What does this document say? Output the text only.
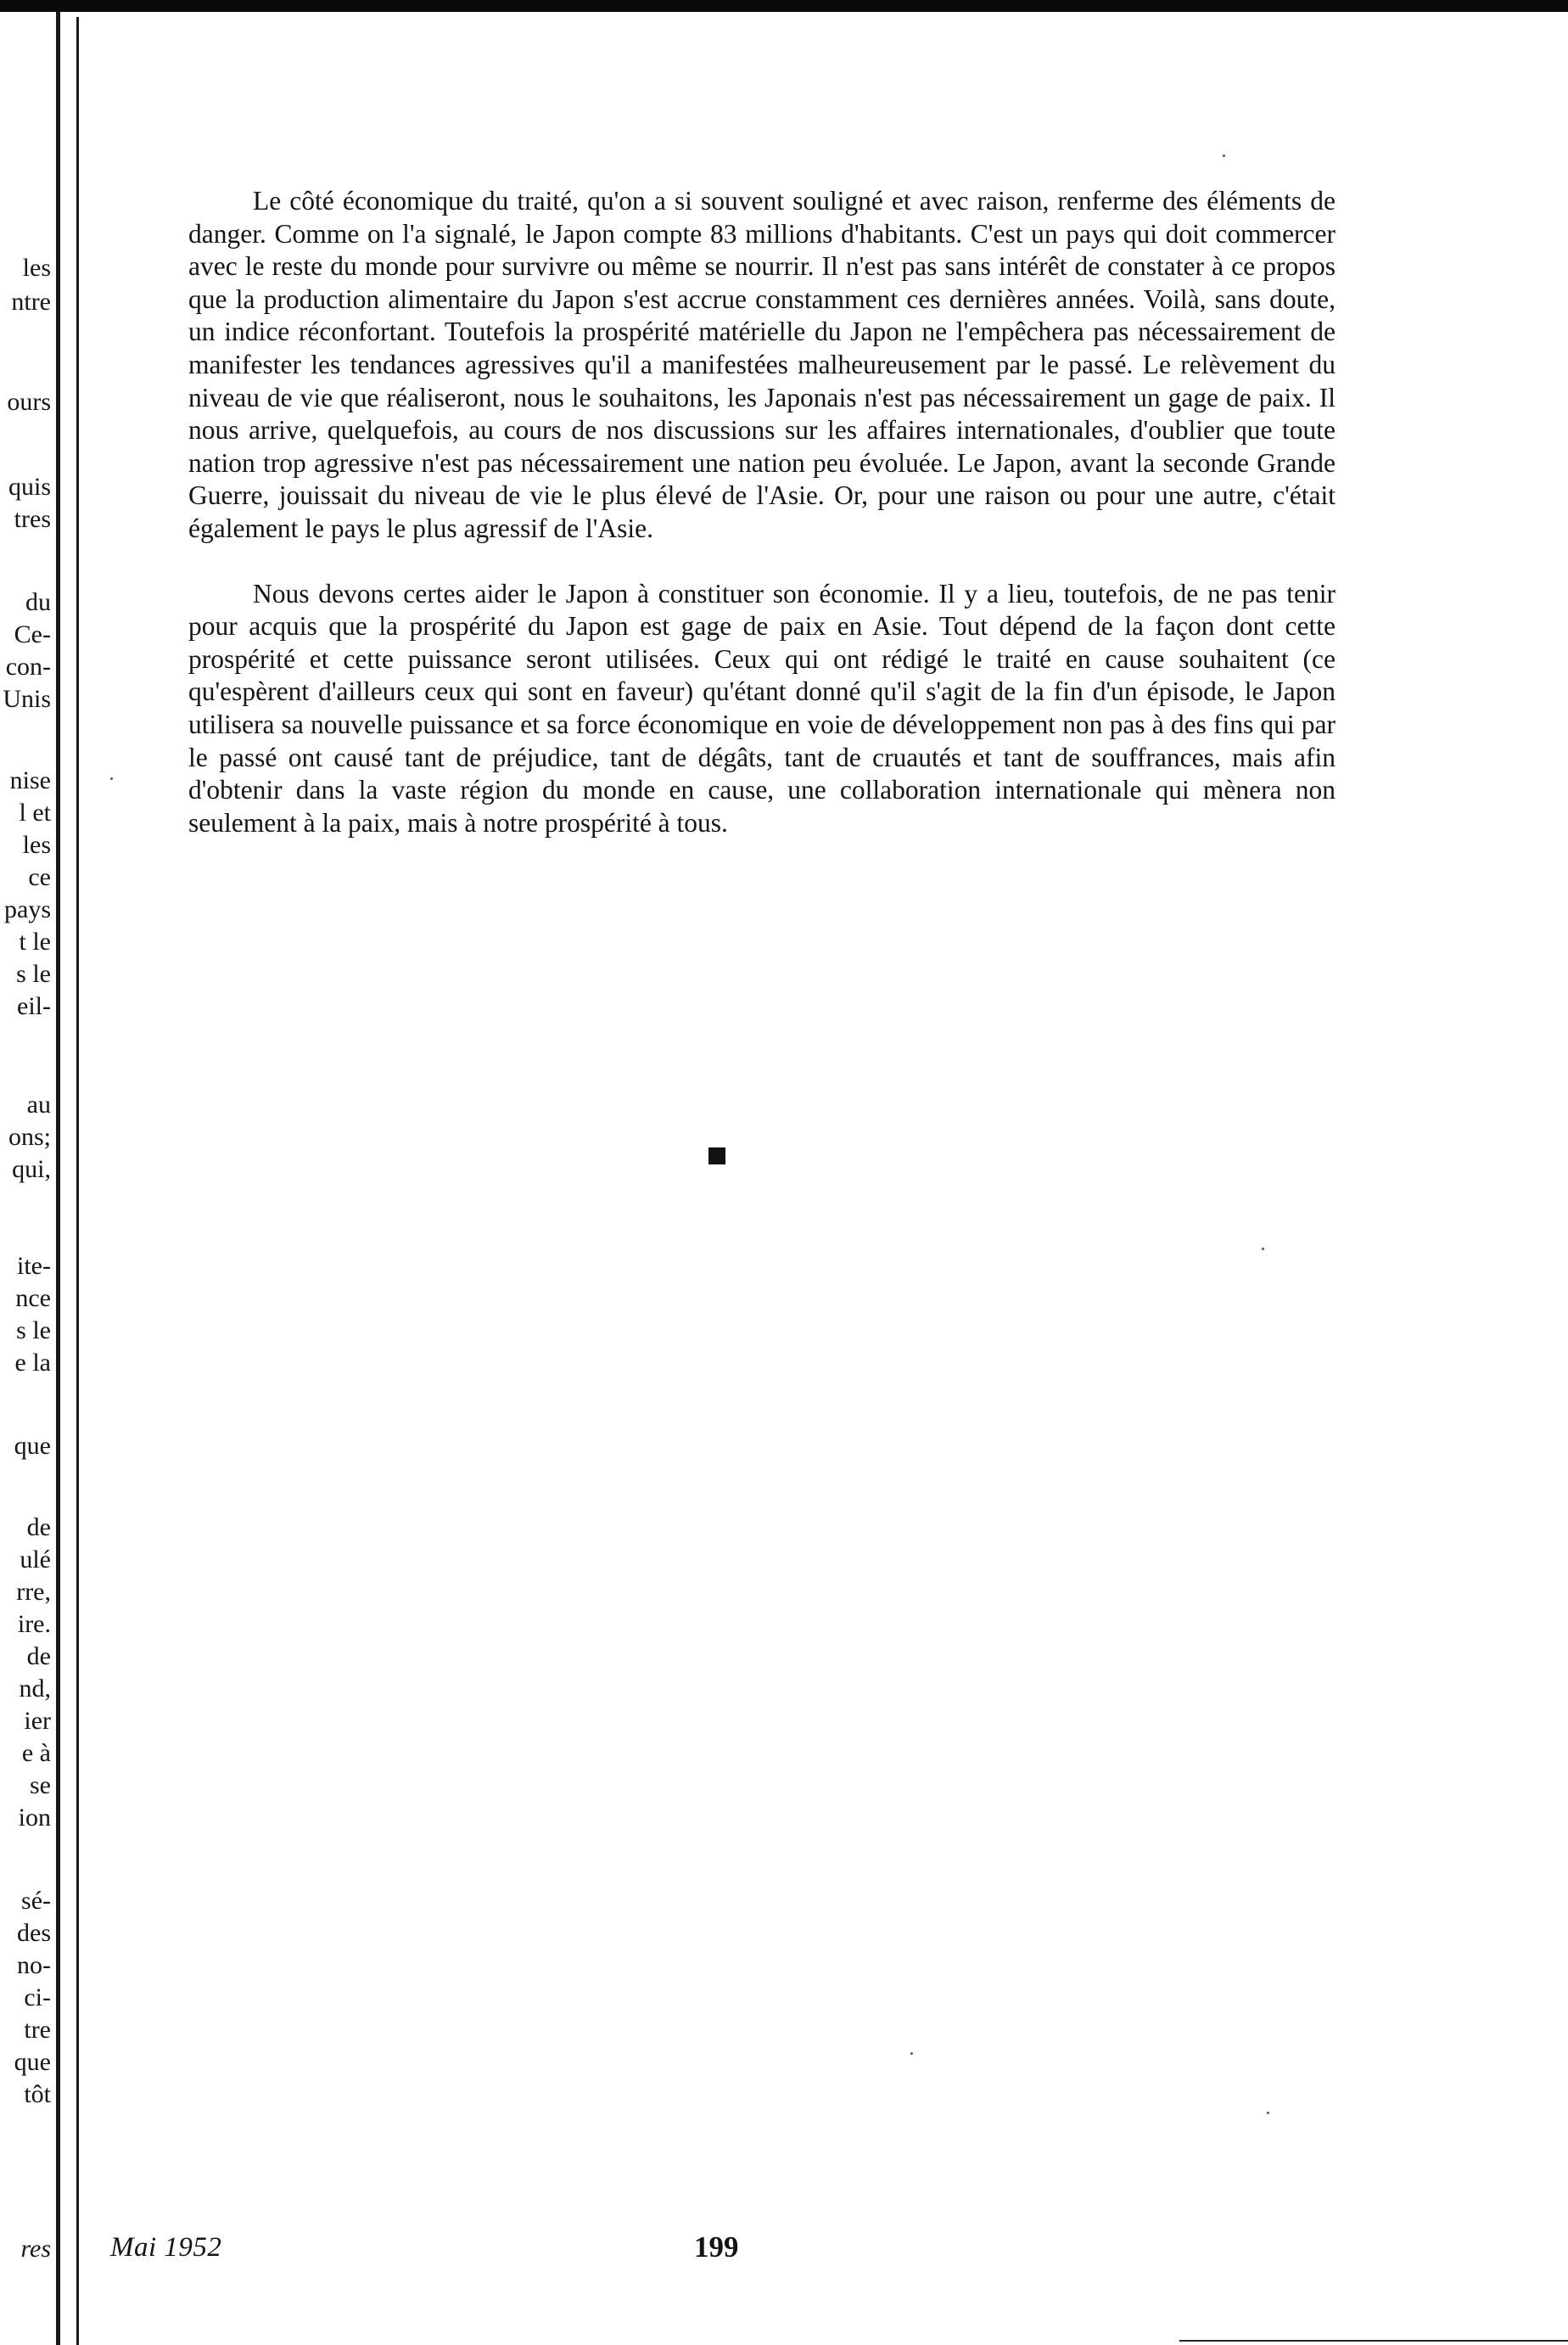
les
ntre
ours
quis
tres
du
Ce-
con-
Unis
nise
l et
les
ce
pays
t le
s le
eil-
au
ons;
qui,
ite-
nce
s le
e la
que
de
ulé
rre,
ire.
de
nd,
ier
e à
se
ion
sé-
des
no-
ci-
tre
que
tôt
res

Le côté économique du traité, qu'on a si souvent souligné et avec raison, renferme des éléments de danger. Comme on l'a signalé, le Japon compte 83 millions d'habitants. C'est un pays qui doit commercer avec le reste du monde pour survivre ou même se nourrir. Il n'est pas sans intérêt de constater à ce propos que la production alimentaire du Japon s'est accrue constamment ces dernières années. Voilà, sans doute, un indice réconfortant. Toutefois la prospérité matérielle du Japon ne l'empêchera pas nécessairement de manifester les tendances agressives qu'il a manifestées malheureusement par le passé. Le relèvement du niveau de vie que réaliseront, nous le souhaitons, les Japonais n'est pas nécessairement un gage de paix. Il nous arrive, quelquefois, au cours de nos discussions sur les affaires internationales, d'oublier que toute nation trop agressive n'est pas nécessairement une nation peu évoluée. Le Japon, avant la seconde Grande Guerre, jouissait du niveau de vie le plus élevé de l'Asie. Or, pour une raison ou pour une autre, c'était également le pays le plus agressif de l'Asie.

Nous devons certes aider le Japon à constituer son économie. Il y a lieu, toutefois, de ne pas tenir pour acquis que la prospérité du Japon est gage de paix en Asie. Tout dépend de la façon dont cette prospérité et cette puissance seront utilisées. Ceux qui ont rédigé le traité en cause souhaitent (ce qu'espèrent d'ailleurs ceux qui sont en faveur) qu'étant donné qu'il s'agit de la fin d'un épisode, le Japon utilisera sa nouvelle puissance et sa force économique en voie de développement non pas à des fins qui par le passé ont causé tant de préjudice, tant de dégâts, tant de cruautés et tant de souffrances, mais afin d'obtenir dans la vaste région du monde en cause, une collaboration internationale qui mènera non seulement à la paix, mais à notre prospérité à tous.

Mai 1952	199
